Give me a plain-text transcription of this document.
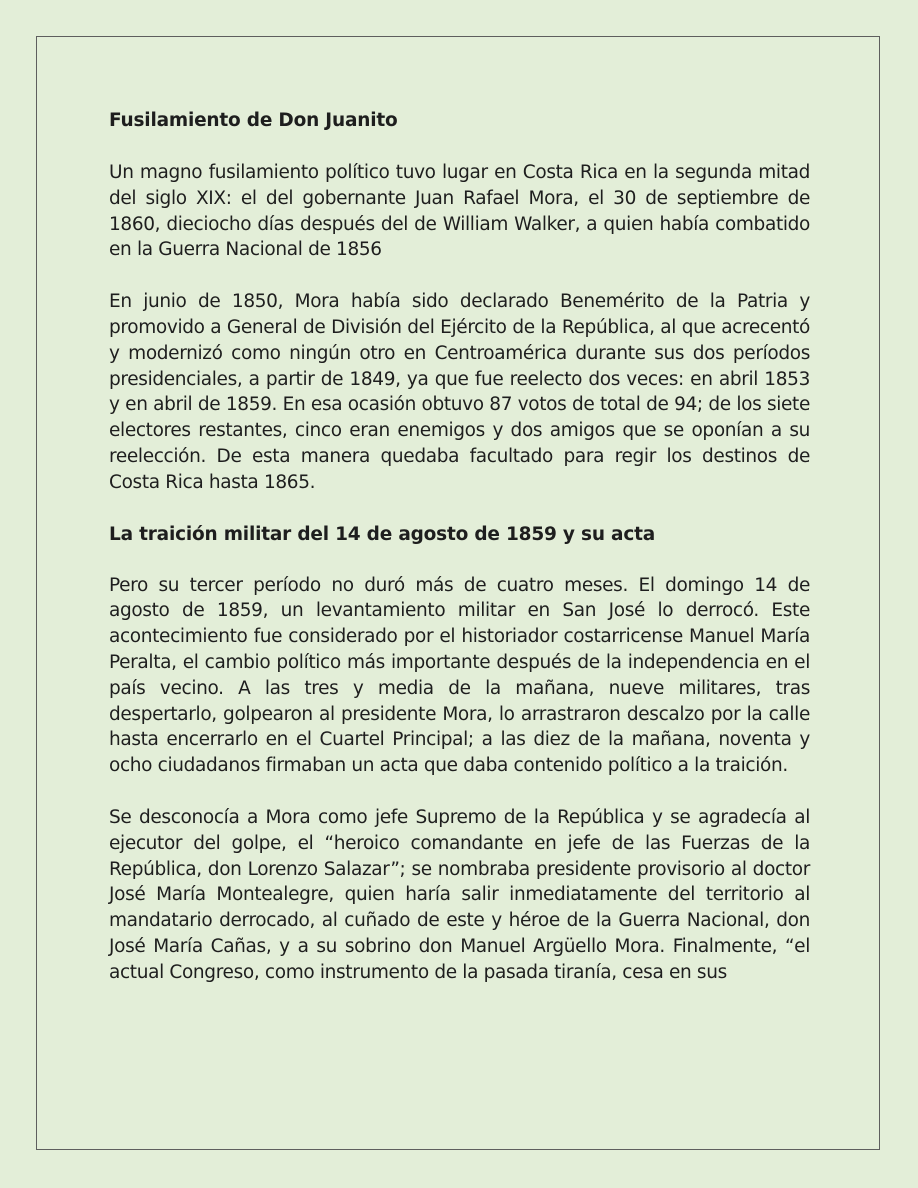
Fusilamiento de Don Juanito

Un magno fusilamiento político tuvo lugar en Costa Rica en la segunda mitad del siglo XIX: el del gobernante Juan Rafael Mora, el 30 de septiembre de 1860, dieciocho días después del de William Walker, a quien había combatido en la Guerra Nacional de 1856

En junio de 1850, Mora había sido declarado Benemérito de la Patria y promovido a General de División del Ejército de la República, al que acrecentó y modernizó como ningún otro en Centroamérica durante sus dos períodos presidenciales, a partir de 1849, ya que fue reelecto dos veces: en abril 1853 y en abril de 1859. En esa ocasión obtuvo 87 votos de total de 94; de los siete electores restantes, cinco eran enemigos y dos amigos que se oponían a su reelección. De esta manera quedaba facultado para regir los destinos de Costa Rica hasta 1865.

La traición militar del 14 de agosto de 1859 y su acta

Pero su tercer período no duró más de cuatro meses. El domingo 14 de agosto de 1859, un levantamiento militar en San José lo derrocó. Este acontecimiento fue considerado por el historiador costarricense Manuel María Peralta, el cambio político más importante después de la independencia en el país vecino. A las tres y media de la mañana, nueve militares, tras despertarlo, golpearon al presidente Mora, lo arrastraron descalzo por la calle hasta encerrarlo en el Cuartel Principal; a las diez de la mañana, noventa y ocho ciudadanos firmaban un acta que daba contenido político a la traición.

Se desconocía a Mora como jefe Supremo de la República y se agradecía al ejecutor del golpe, el “heroico comandante en jefe de las Fuerzas de la República, don Lorenzo Salazar”; se nombraba presidente provisorio al doctor José María Montealegre, quien haría salir inmediatamente del territorio al mandatario derrocado, al cuñado de este y héroe de la Guerra Nacional, don José María Cañas, y a su sobrino don Manuel Argüello Mora. Finalmente, “el actual Congreso, como instrumento de la pasada tiranía, cesa en sus
